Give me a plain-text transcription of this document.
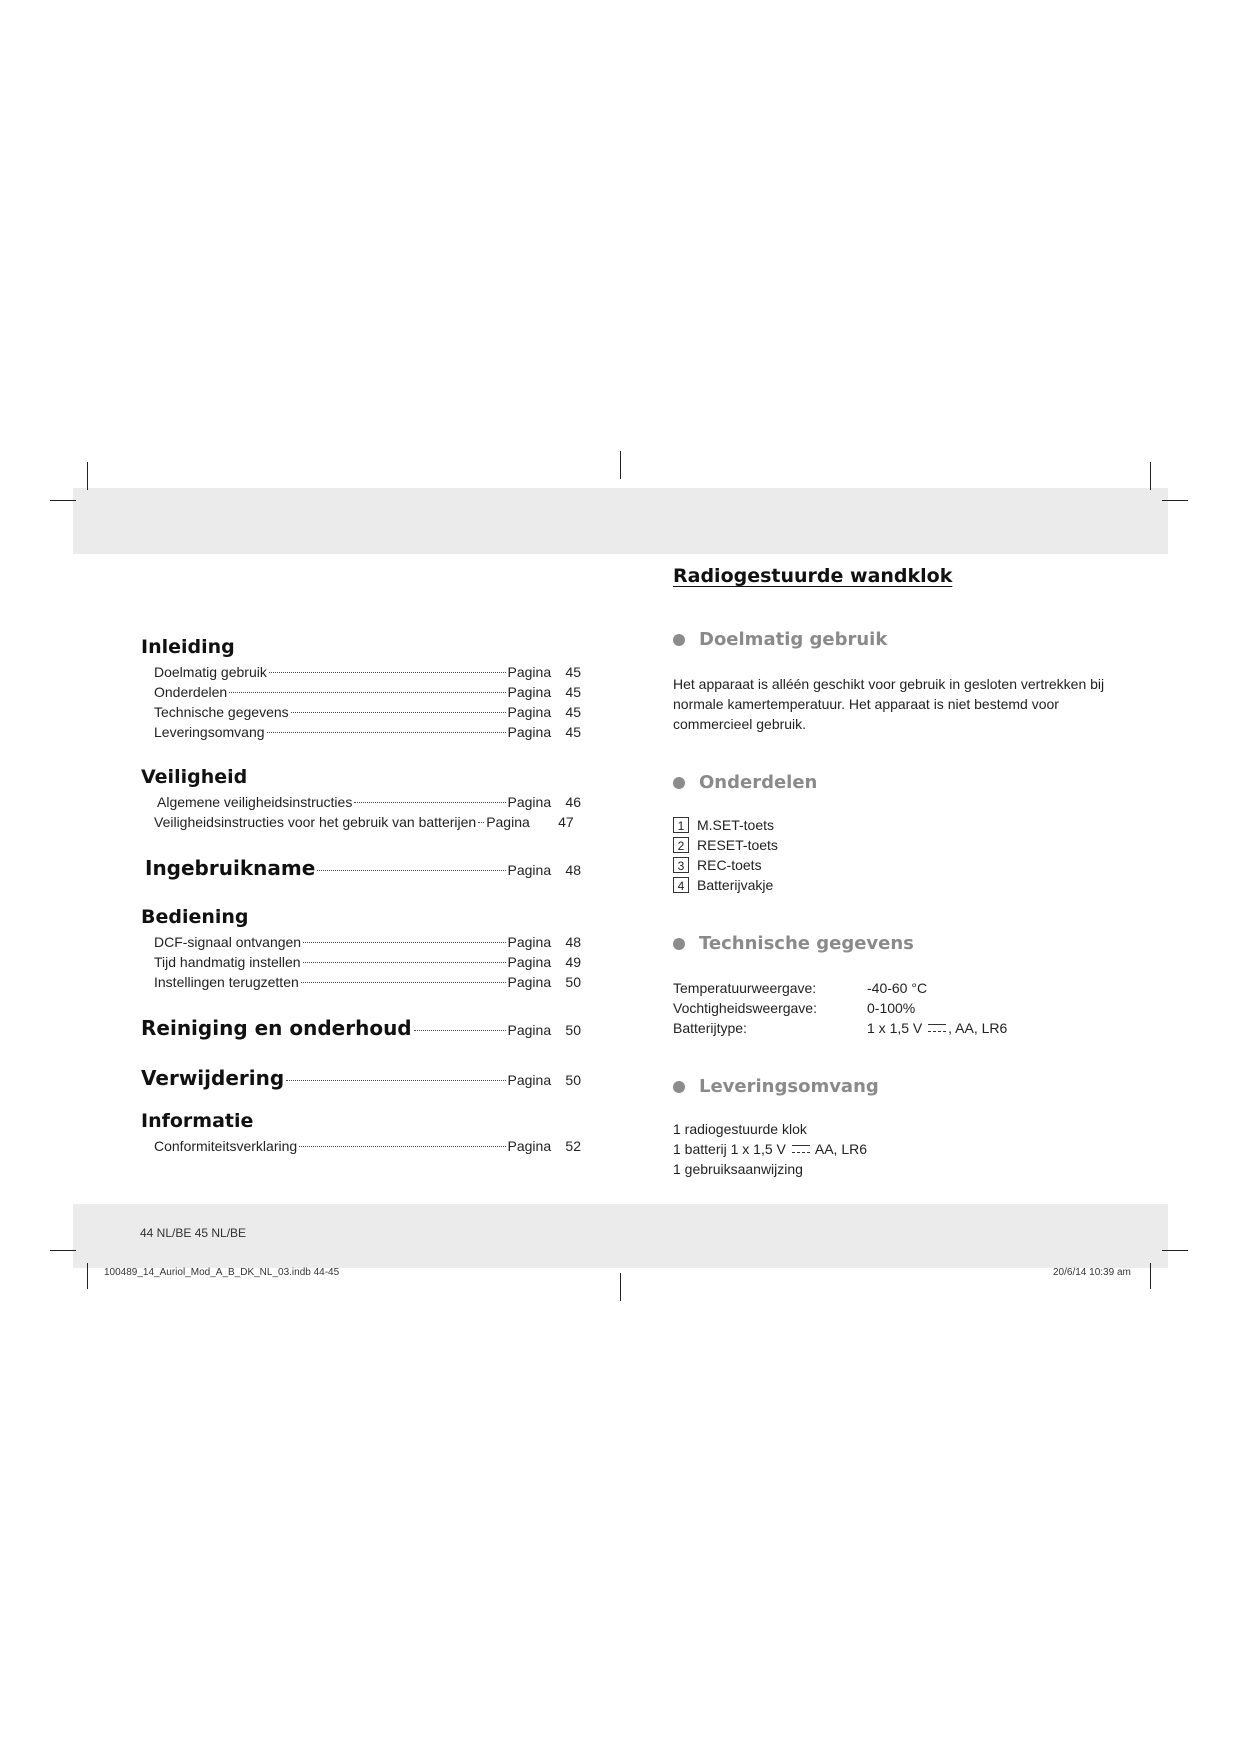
Inleiding
Doelmatig gebruik	Pagina 45
Onderdelen	Pagina 45
Technische gegevens	Pagina 45
Leveringsomvang	Pagina 45
Veiligheid
Algemene veiligheidsinstructies	Pagina 46
Veiligheidsinstructies voor het gebruik van batterijen Pagina 47
Ingebruikname	Pagina 48
Bediening
DCF-signaal ontvangen	Pagina 48
Tijd handmatig instellen	Pagina 49
Instellingen terugzetten	Pagina 50
Reiniging en onderhoud	Pagina 50
Verwijdering	Pagina 50
Informatie
Conformiteitsverklaring	Pagina 52
Radiogestuurde wandklok
Doelmatig gebruik

Het apparaat is alléén geschikt voor gebruik in gesloten vertrekken bij normale kamertemperatuur. Het apparaat is niet bestemd voor commercieel gebruik.

Onderdelen
1 M.SET-toets
2 RESET-toets
3 REC-toets
4 Batterijvakje
Technische gegevens
Temperatuurweergave:	-40-60 °C
Vochtigheidsweergave:	0-100%
Batterijtype:	1 x 1,5 V , AA, LR6
Leveringsomvang
1 radiogestuurde klok
1 batterij 1 x 1,5 V AA, LR6
1 gebruiksaanwijzing
44 NL/BE 45 NL/BE
100489_14_Auriol_Mod_A_B_DK_NL_03.indb 44-45	20/6/14 10:39 am
